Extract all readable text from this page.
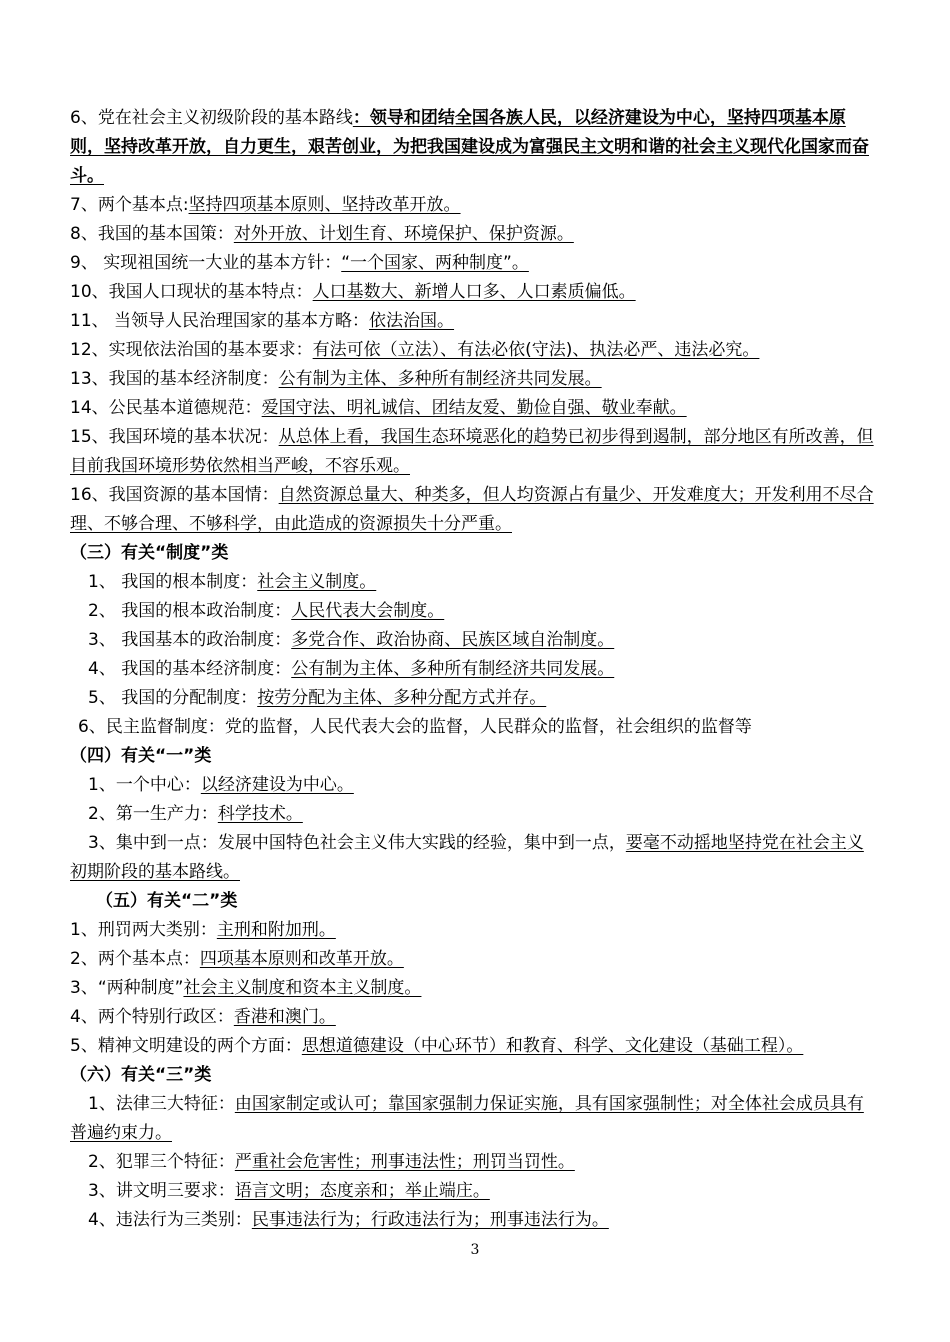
6、党在社会主义初级阶段的基本路线：领导和团结全国各族人民，以经济建设为中心，坚持四项基本原则，坚持改革开放，自力更生，艰苦创业，为把我国建设成为富强民主文明和谐的社会主义现代化国家而奋斗。

7、两个基本点:坚持四项基本原则、坚持改革开放。

8、我国的基本国策：对外开放、计划生育、环境保护、保护资源。

9、 实现祖国统一大业的基本方针：“一个国家、两种制度”。

10、我国人口现状的基本特点：人口基数大、新增人口多、人口素质偏低。

11、 当领导人民治理国家的基本方略：依法治国。

12、实现依法治国的基本要求：有法可依（立法）、有法必依(守法)、执法必严、违法必究。

13、我国的基本经济制度：公有制为主体、多种所有制经济共同发展。

14、公民基本道德规范：爱国守法、明礼诚信、团结友爱、勤俭自强、敬业奉献。

15、我国环境的基本状况：从总体上看，我国生态环境恶化的趋势已初步得到遏制，部分地区有所改善，但目前我国环境形势依然相当严峻，不容乐观。

16、我国资源的基本国情：自然资源总量大、种类多，但人均资源占有量少、开发难度大；开发利用不尽合理、不够合理、不够科学，由此造成的资源损失十分严重。

（三）有关“制度”类

1、 我国的根本制度：社会主义制度。

2、 我国的根本政治制度：人民代表大会制度。

3、 我国基本的政治制度：多党合作、政治协商、民族区域自治制度。

4、 我国的基本经济制度：公有制为主体、多种所有制经济共同发展。

5、 我国的分配制度：按劳分配为主体、多种分配方式并存。

6、民主监督制度：党的监督，人民代表大会的监督，人民群众的监督，社会组织的监督等

（四）有关“一”类

1、一个中心：以经济建设为中心。

2、第一生产力：科学技术。

3、集中到一点：发展中国特色社会主义伟大实践的经验，集中到一点，要毫不动摇地坚持党在社会主义初期阶段的基本路线。

（五）有关“二”类

1、刑罚两大类别：主刑和附加刑。

2、两个基本点：四项基本原则和改革开放。

3、“两种制度”社会主义制度和资本主义制度。

4、两个特别行政区：香港和澳门。

5、精神文明建设的两个方面：思想道德建设（中心环节）和教育、科学、文化建设（基础工程）。

（六）有关“三”类

1、法律三大特征：由国家制定或认可；靠国家强制力保证实施，具有国家强制性；对全体社会成员具有普遍约束力。

2、犯罪三个特征：严重社会危害性；刑事违法性；刑罚当罚性。

3、讲文明三要求：语言文明；态度亲和；举止端庄。

4、违法行为三类别：民事违法行为；行政违法行为；刑事违法行为。

3
